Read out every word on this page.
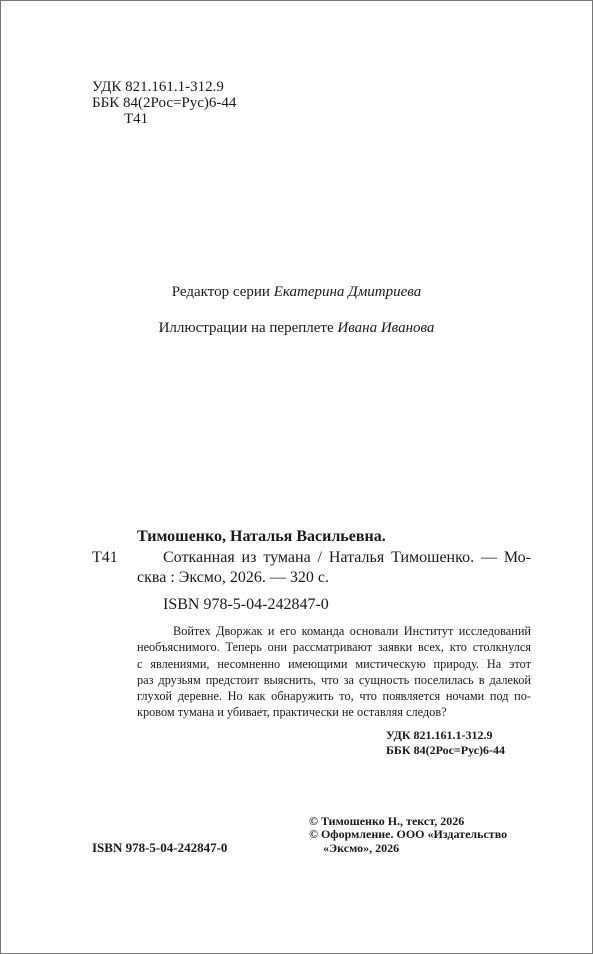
УДК 821.161.1-312.9
ББК 84(2Рос=Рус)6-44
Т41
Редактор серии Екатерина Дмитриева
Иллюстрации на переплете Ивана Иванова
Тимошенко, Наталья Васильевна.
Т41	Сотканная из тумана / Наталья Тимошенко. — Мо-
сква : Эксмо, 2026. — 320 с.
ISBN 978-5-04-242847-0
Войтех Дворжак и его команда основали Институт исследований
необъяснимого. Теперь они рассматривают заявки всех, кто столкнулся
с явлениями, несомненно имеющими мистическую природу. На этот
раз друзьям предстоит выяснить, что за сущность поселилась в далекой
глухой деревне. Но как обнаружить то, что появляется ночами под по-
кровом тумана и убивает, практически не оставляя следов?
УДК 821.161.1-312.9
ББК 84(2Рос=Рус)6-44
ISBN 978-5-04-242847-0
© Тимошенко Н., текст, 2026
© Оформление. ООО «Издательство
«Эксмо», 2026
